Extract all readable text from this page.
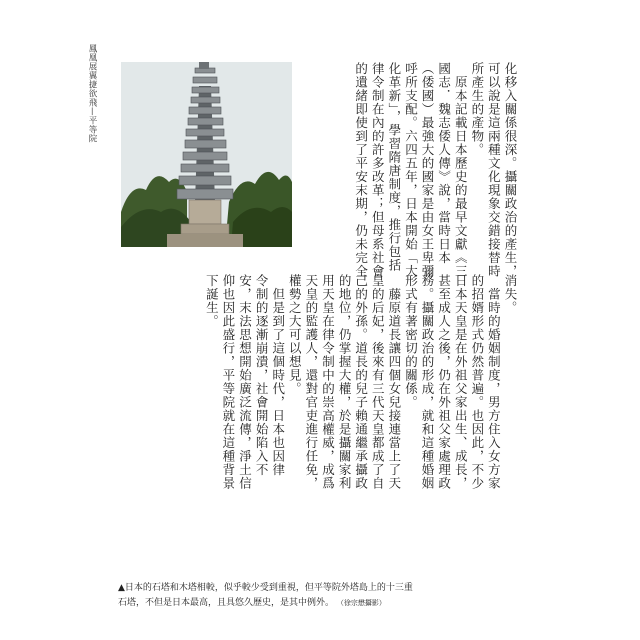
鳳凰展翼捷欲飛—平等院	化移入關係很深。攝關政治的產生，

可以說是這兩種文化現象交錯接替時

所產生的產物。

　原本記載日本歷史的最早文獻《三

國志．魏志倭人傳》說，當時日本

（倭國）最強大的國家是由女王卑彌

呼所支配。六四五年，日本開始「大

化革新」，學習隋唐制度，推行包括

律令制在內的許多改革；但母系社會

的遺緒即使到了平安末期，仍未完全

消失。

　當時的婚姻制度，男方住入女方家

的招婿形式仍然普遍。也因此，不少

日本天皇是在外祖父家出生、成長，

甚至成人之後，仍在外祖父家處理政

務。攝關政治的形成，就和這種婚姻

形式有著密切的關係。

　藤原道長讓四個女兒接連當上了天

皇的后妃，後來有三代天皇都成了自

己的外孫。道長的兒子賴通繼承攝政

的地位，仍掌握大權，於是攝關家利

用天皇在律令制中的崇高權威，成爲

天皇的監護人，還對官吏進行任免，

權勢之大可以想見。

　但是到了這個時代，日本也因律

令制的逐漸崩潰，社會開始陷入不

安，末法思想開始廣泛流傳，淨土信

仰也因此盛行，平等院就在這種背景

下誕生。

▲日本的石塔和木塔相較，似乎較少受到重視，但平等院外塔島上的十三重
石塔，不但是日本最高，且具悠久歷史，是其中例外。 （徐宗懋攝影）
